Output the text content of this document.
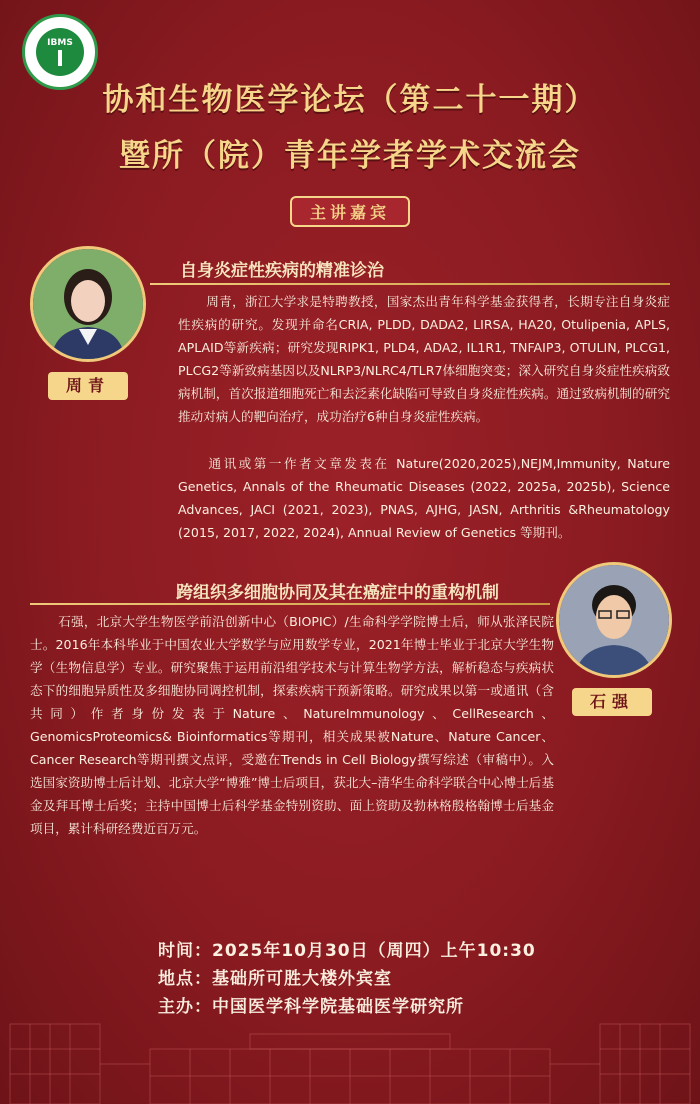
IBMS
协和生物医学论坛（第二十一期）
暨所（院）青年学者学术交流会
主讲嘉宾
周青
自身炎症性疾病的精准诊治

周青，浙江大学求是特聘教授，国家杰出青年科学基金获得者，长期专注自身炎症性疾病的研究。发现并命名CRIA, PLDD, DADA2, LIRSA, HA20, Otulipenia, APLS, APLAID等新疾病；研究发现RIPK1, PLD4, ADA2, IL1R1, TNFAIP3, OTULIN, PLCG1, PLCG2等新致病基因以及NLRP3/NLRC4/TLR7体细胞突变；深入研究自身炎症性疾病致病机制，首次报道细胞死亡和去泛素化缺陷可导致自身炎症性疾病。通过致病机制的研究推动对病人的靶向治疗，成功治疗6种自身炎症性疾病。

通讯或第一作者文章发表在 Nature(2020,2025),NEJM,Immunity, Nature Genetics, Annals of the Rheumatic Diseases (2022, 2025a, 2025b), Science Advances, JACI (2021, 2023), PNAS, AJHG, JASN, Arthritis &Rheumatology (2015, 2017, 2022, 2024), Annual Review of Genetics 等期刊。

跨组织多细胞协同及其在癌症中的重构机制
石强

石强，北京大学生物医学前沿创新中心（BIOPIC）/生命科学学院博士后，师从张泽民院士。2016年本科毕业于中国农业大学数学与应用数学专业，2021年博士毕业于北京大学生物学（生物信息学）专业。研究聚焦于运用前沿组学技术与计算生物学方法，解析稳态与疾病状态下的细胞异质性及多细胞协同调控机制，探索疾病干预新策略。研究成果以第一或通讯（含共同）作者身份发表于Nature、NatureImmunology、CellResearch、GenomicsProteomics& Bioinformatics等期刊，相关成果被Nature、Nature Cancer、Cancer Research等期刊撰文点评，受邀在Trends in Cell Biology撰写综述（审稿中）。入选国家资助博士后计划、北京大学“博雅”博士后项目，获北大–清华生命科学联合中心博士后基金及拜耳博士后奖；主持中国博士后科学基金特别资助、面上资助及勃林格殷格翰博士后基金项目，累计科研经费近百万元。

时间：2025年10月30日（周四）上午10:30
地点：基础所可胜大楼外宾室
主办：中国医学科学院基础医学研究所
